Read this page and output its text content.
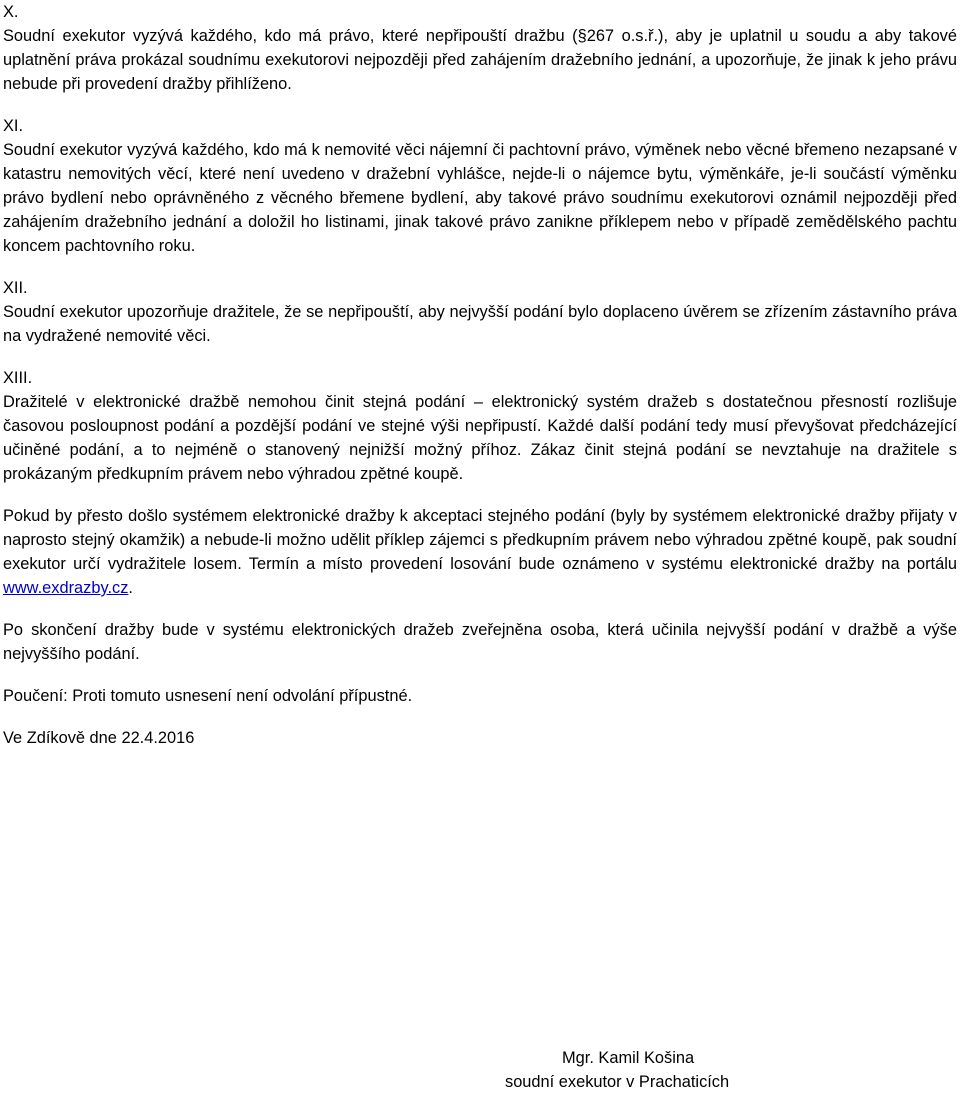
X.

Soudní exekutor vyzývá každého, kdo má právo, které nepřipouští dražbu (§267 o.s.ř.), aby je uplatnil u soudu a aby takové uplatnění práva prokázal soudnímu exekutorovi nejpozději před zahájením dražebního jednání, a upozorňuje, že jinak k jeho právu nebude při provedení dražby přihlíženo.

XI.

Soudní exekutor vyzývá každého, kdo má k nemovité věci nájemní či pachtovní právo, výměnek nebo věcné břemeno nezapsané v katastru nemovitých věcí, které není uvedeno v dražební vyhlášce, nejde-li o nájemce bytu, výměnkáře, je-li součástí výměnku právo bydlení nebo oprávněného z věcného břemene bydlení, aby takové právo soudnímu exekutorovi oznámil nejpozději před zahájením dražebního jednání a doložil ho listinami, jinak takové právo zanikne příklepem nebo v případě zemědělského pachtu koncem pachtovního roku.

XII.

Soudní exekutor upozorňuje dražitele, že se nepřipouští, aby nejvyšší podání bylo doplaceno úvěrem se zřízením zástavního práva na vydražené nemovité věci.

XIII.

Dražitelé v elektronické dražbě nemohou činit stejná podání – elektronický systém dražeb s dostatečnou přesností rozlišuje časovou posloupnost podání a pozdější podání ve stejné výši nepřipustí. Každé další podání tedy musí převyšovat předcházející učiněné podání, a to nejméně o stanovený nejnižší možný příhoz. Zákaz činit stejná podání se nevztahuje na dražitele s prokázaným předkupním právem nebo výhradou zpětné koupě.

Pokud by přesto došlo systémem elektronické dražby k akceptaci stejného podání (byly by systémem elektronické dražby přijaty v naprosto stejný okamžik) a nebude-li možno udělit příklep zájemci s předkupním právem nebo výhradou zpětné koupě, pak soudní exekutor určí vydražitele losem. Termín a místo provedení losování bude oznámeno v systému elektronické dražby na portálu www.exdrazby.cz.

Po skončení dražby bude v systému elektronických dražeb zveřejněna osoba, která učinila nejvyšší podání v dražbě a výše nejvyššího podání.

Poučení: Proti tomuto usnesení není odvolání přípustné.

Ve Zdíkově dne 22.4.2016

Mgr. Kamil Košina
soudní exekutor v Prachaticích
